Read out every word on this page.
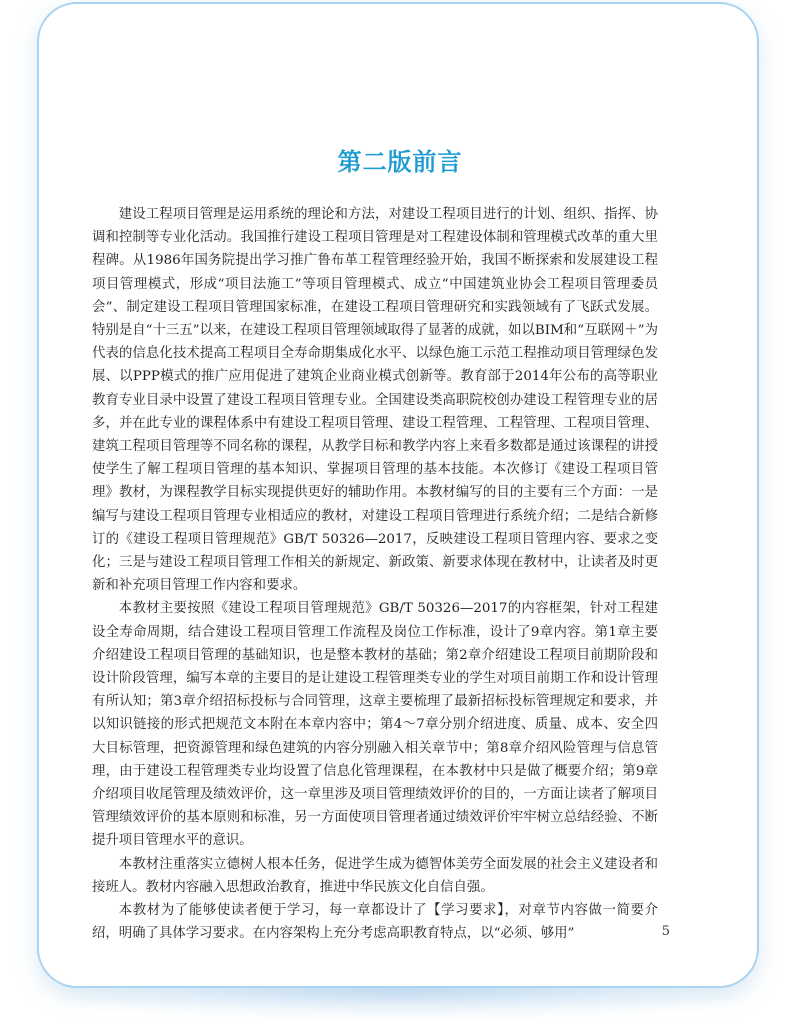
第二版前言

建设工程项目管理是运用系统的理论和方法，对建设工程项目进行的计划、组织、指挥、协调和控制等专业化活动。我国推行建设工程项目管理是对工程建设体制和管理模式改革的重大里程碑。从1986年国务院提出学习推广鲁布革工程管理经验开始，我国不断探索和发展建设工程项目管理模式，形成“项目法施工”等项目管理模式、成立“中国建筑业协会工程项目管理委员会”、制定建设工程项目管理国家标准，在建设工程项目管理研究和实践领域有了飞跃式发展。特别是自“十三五”以来，在建设工程项目管理领域取得了显著的成就，如以BIM和“互联网＋”为代表的信息化技术提高工程项目全寿命期集成化水平、以绿色施工示范工程推动项目管理绿色发展、以PPP模式的推广应用促进了建筑企业商业模式创新等。教育部于2014年公布的高等职业教育专业目录中设置了建设工程项目管理专业。全国建设类高职院校创办建设工程管理专业的居多，并在此专业的课程体系中有建设工程项目管理、建设工程管理、工程管理、工程项目管理、建筑工程项目管理等不同名称的课程，从教学目标和教学内容上来看多数都是通过该课程的讲授使学生了解工程项目管理的基本知识、掌握项目管理的基本技能。本次修订《建设工程项目管理》教材，为课程教学目标实现提供更好的辅助作用。本教材编写的目的主要有三个方面：一是编写与建设工程项目管理专业相适应的教材，对建设工程项目管理进行系统介绍；二是结合新修订的《建设工程项目管理规范》GB/T 50326—2017，反映建设工程项目管理内容、要求之变化；三是与建设工程项目管理工作相关的新规定、新政策、新要求体现在教材中，让读者及时更新和补充项目管理工作内容和要求。

本教材主要按照《建设工程项目管理规范》GB/T 50326—2017的内容框架，针对工程建设全寿命周期，结合建设工程项目管理工作流程及岗位工作标准，设计了9章内容。第1章主要介绍建设工程项目管理的基础知识，也是整本教材的基础；第2章介绍建设工程项目前期阶段和设计阶段管理，编写本章的主要目的是让建设工程管理类专业的学生对项目前期工作和设计管理有所认知；第3章介绍招标投标与合同管理，这章主要梳理了最新招标投标管理规定和要求，并以知识链接的形式把规范文本附在本章内容中；第4～7章分别介绍进度、质量、成本、安全四大目标管理，把资源管理和绿色建筑的内容分别融入相关章节中；第8章介绍风险管理与信息管理，由于建设工程管理类专业均设置了信息化管理课程，在本教材中只是做了概要介绍；第9章介绍项目收尾管理及绩效评价，这一章里涉及项目管理绩效评价的目的，一方面让读者了解项目管理绩效评价的基本原则和标准，另一方面使项目管理者通过绩效评价牢牢树立总结经验、不断提升项目管理水平的意识。

本教材注重落实立德树人根本任务，促进学生成为德智体美劳全面发展的社会主义建设者和接班人。教材内容融入思想政治教育，推进中华民族文化自信自强。

本教材为了能够使读者便于学习，每一章都设计了【学习要求】，对章节内容做一简要介绍，明确了具体学习要求。在内容架构上充分考虑高职教育特点，以“必须、够用”	5
